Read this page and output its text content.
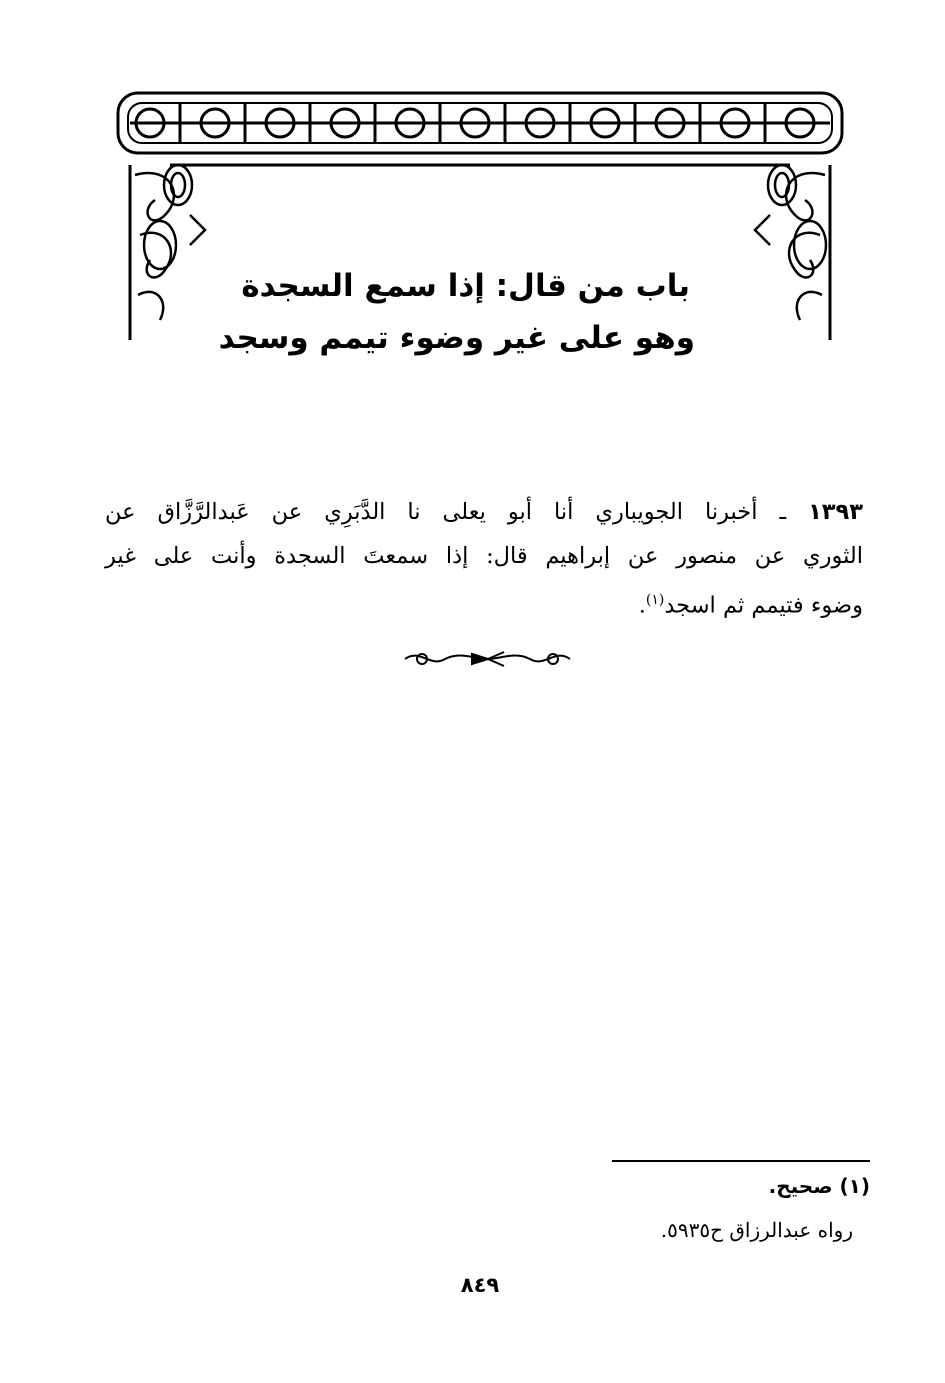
باب من قال: إذا سمع السجدة
وهو على غير وضوء تيمم وسجد
١٣٩٣ ـ أخبرنا الجويباري أنا أبو يعلى نا الدَّبَرِي عن عَبدالرَّزَّاق عن
الثوري عن منصور عن إبراهيم قال: إذا سمعتَ السجدة وأنت على غير
وضوء فتيمم ثم اسجد$^{(١)}$.
(١) صحيح.
رواه عبدالرزاق ح٥٩٣٥.
٨٤٩
